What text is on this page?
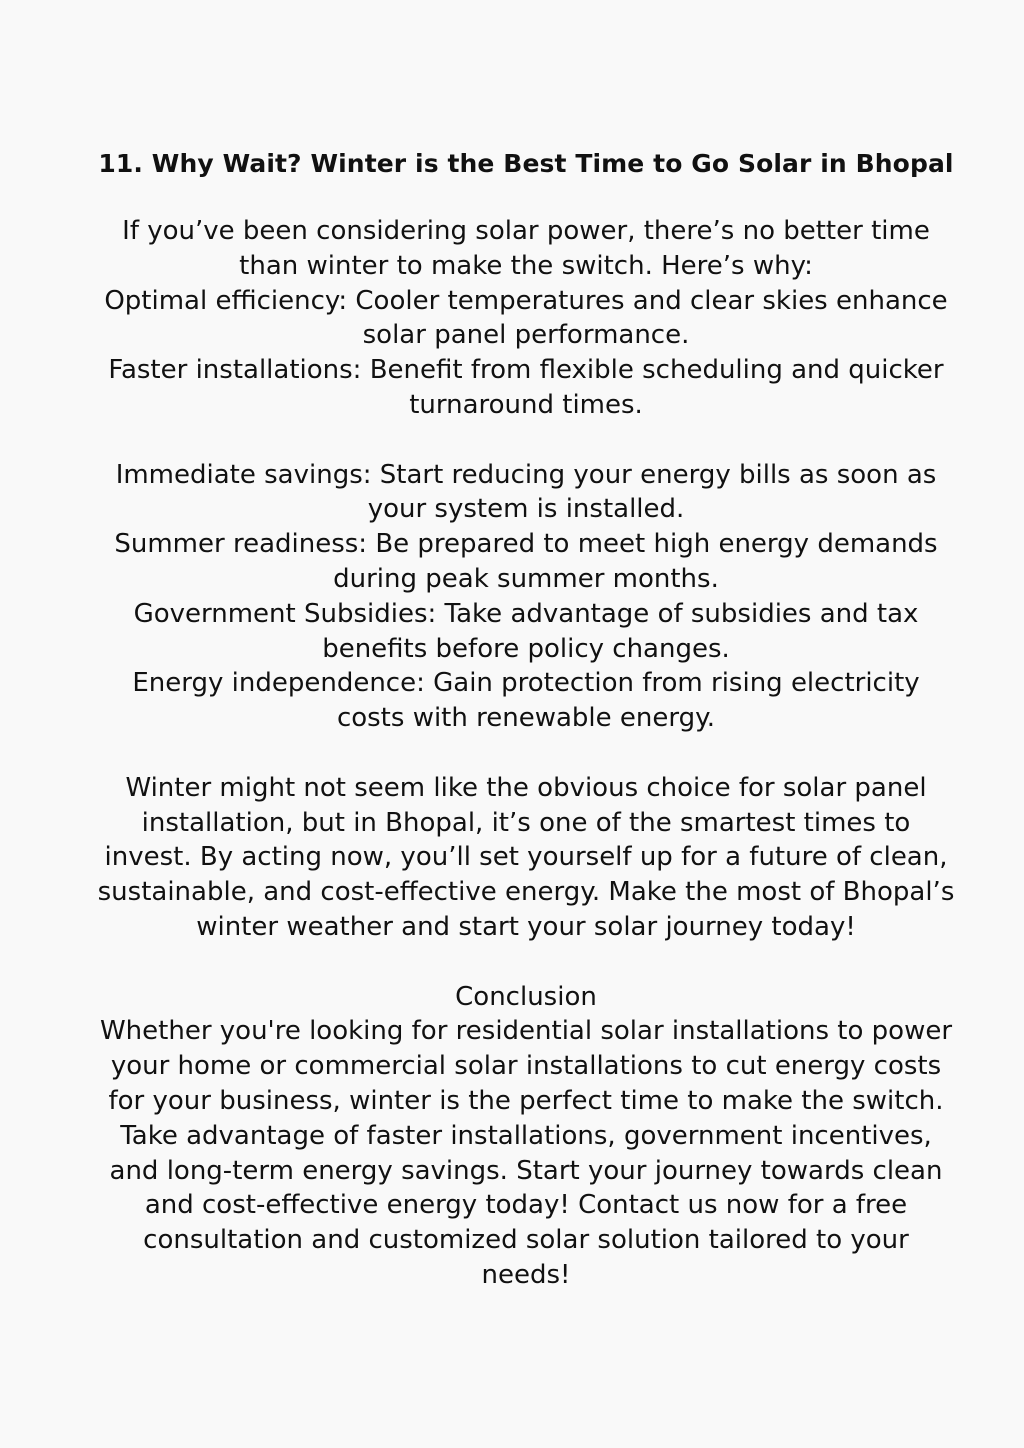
11. Why Wait? Winter is the Best Time to Go Solar in Bhopal

If you’ve been considering solar power, there’s no better time than winter to make the switch. Here’s why:

Optimal efficiency: Cooler temperatures and clear skies enhance solar panel performance.

Faster installations: Benefit from flexible scheduling and quicker turnaround times.

Immediate savings: Start reducing your energy bills as soon as your system is installed.

Summer readiness: Be prepared to meet high energy demands during peak summer months.

Government Subsidies: Take advantage of subsidies and tax benefits before policy changes.

Energy independence: Gain protection from rising electricity costs with renewable energy.

Winter might not seem like the obvious choice for solar panel installation, but in Bhopal, it’s one of the smartest times to invest. By acting now, you’ll set yourself up for a future of clean, sustainable, and cost-effective energy. Make the most of Bhopal’s winter weather and start your solar journey today!

Conclusion

Whether you're looking for residential solar installations to power your home or commercial solar installations to cut energy costs for your business, winter is the perfect time to make the switch. Take advantage of faster installations, government incentives, and long-term energy savings. Start your journey towards clean and cost-effective energy today! Contact us now for a free consultation and customized solar solution tailored to your needs!
